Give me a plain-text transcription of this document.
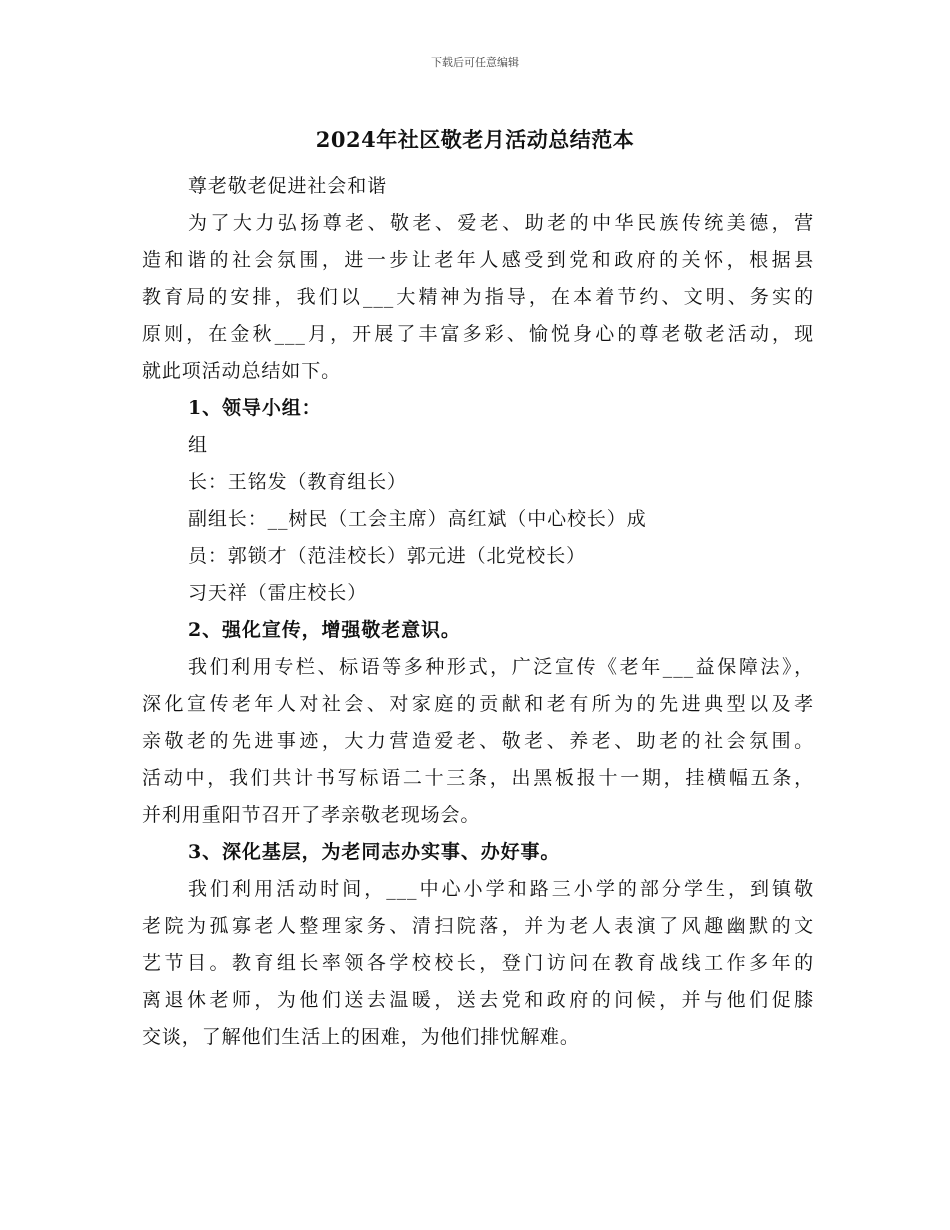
下载后可任意编辑
2024年社区敬老月活动总结范本
尊老敬老促进社会和谐
为了大力弘扬尊老、敬老、爱老、助老的中华民族传统美德，营
造和谐的社会氛围，进一步让老年人感受到党和政府的关怀，根据县
教育局的安排，我们以___大精神为指导，在本着节约、文明、务实的
原则，在金秋___月，开展了丰富多彩、愉悦身心的尊老敬老活动，现
就此项活动总结如下。
1、领导小组：
组
长：王铭发（教育组长）
副组长：__树民（工会主席）高红斌（中心校长）成
员：郭锁才（范洼校长）郭元进（北党校长）
习天祥（雷庄校长）
2、强化宣传，增强敬老意识。
我们利用专栏、标语等多种形式，广泛宣传《老年___益保障法》，
深化宣传老年人对社会、对家庭的贡献和老有所为的先进典型以及孝
亲敬老的先进事迹，大力营造爱老、敬老、养老、助老的社会氛围。
活动中，我们共计书写标语二十三条，出黑板报十一期，挂横幅五条，
并利用重阳节召开了孝亲敬老现场会。
3、深化基层，为老同志办实事、办好事。
我们利用活动时间，___中心小学和路三小学的部分学生，到镇敬
老院为孤寡老人整理家务、清扫院落，并为老人表演了风趣幽默的文
艺节目。教育组长率领各学校校长，登门访问在教育战线工作多年的
离退休老师，为他们送去温暖，送去党和政府的问候，并与他们促膝
交谈，了解他们生活上的困难，为他们排忧解难。
